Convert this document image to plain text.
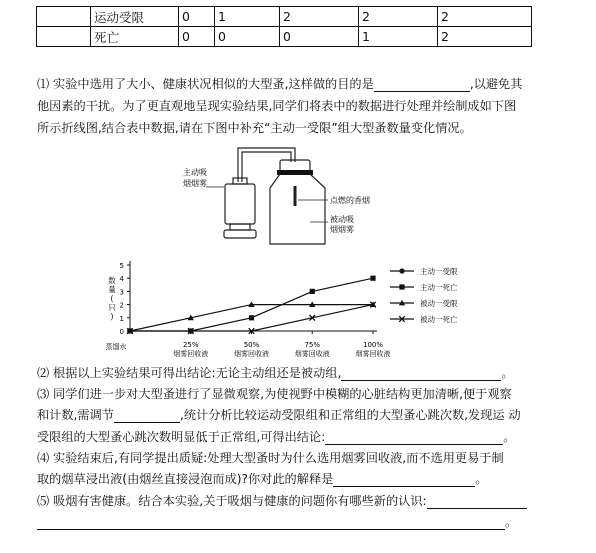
	运动受限	0	1	2	2	2
	死亡	0	0	0	1	2
⑴ 实验中选用了大小、健康状况相似的大型蚤,这样做的目的是	,以避免其
他因素的干扰。为了更直观地呈现实验结果,同学们将表中的数据进行处理并绘制成如下图
所示折线图,结合表中数据,请在下图中补充“主动一受限”组大型蚤数量变化情况。
主动吸
烟烟雾
点燃的香烟
被动吸
烟烟雾
0
1
2
3
4
5
数
量
(
只
)
蒸馏水	25%
烟雾回收液
50%
烟雾回收液
75%
烟雾回收液
100%
烟雾回收液
主动一受限
主动一死亡
被动一受限
被动一死亡
⑵ 根据以上实验结果可得出结论:无论主动组还是被动组,	。
⑶ 同学们进一步对大型蚤进行了显微观察,为使视野中模糊的心脏结构更加清晰,便于观察
和计数,需调节	,统计分析比较运动受限组和正常组的大型蚤心跳次数,发现运 动
受限组的大型蚤心跳次数明显低于正常组,可得出结论:	。
⑷ 实验结束后,有同学提出质疑:处理大型蚤时为什么选用烟雾回收液,而不选用更易于制
取的烟草浸出液(由烟丝直接浸泡而成)?你对此的解释是	。
⑸ 吸烟有害健康。结合本实验,关于吸烟与健康的问题你有哪些新的认识:
。
